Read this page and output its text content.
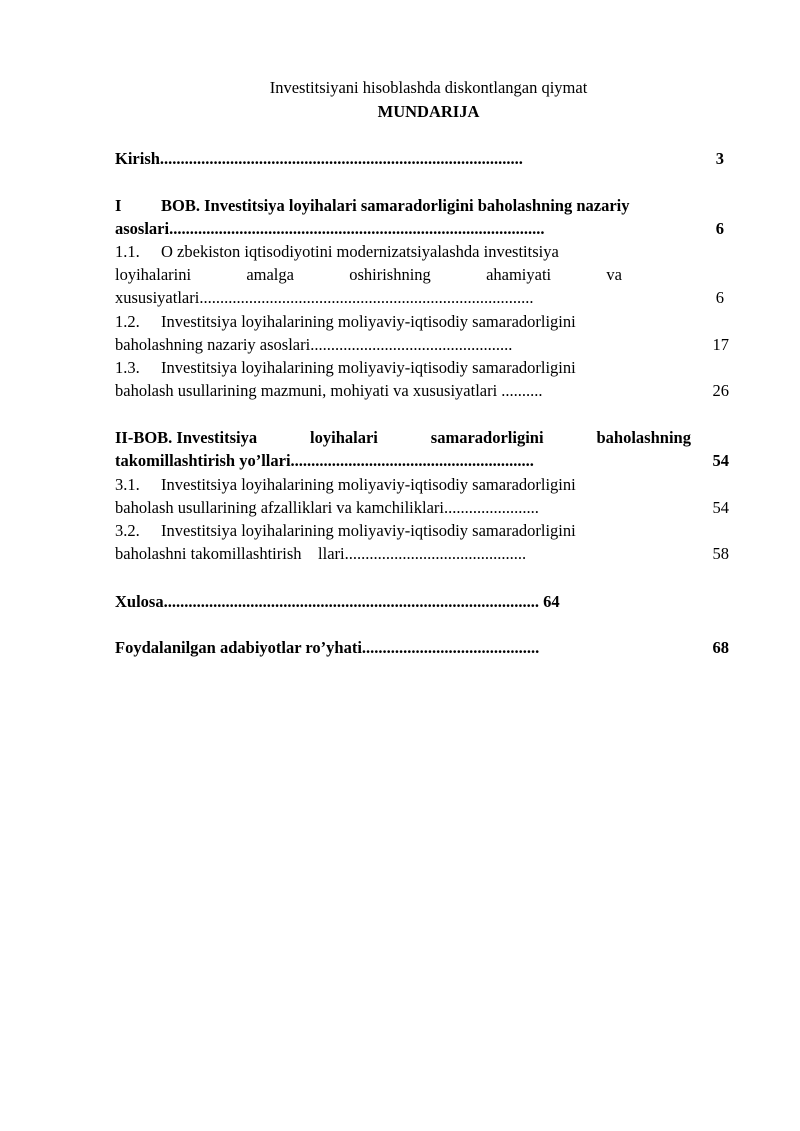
Investitsiyani hisoblashda diskontlangan qiymat
MUNDARIJA
Kirish........................................................................................	3
I BOB. Investitsiya loyihalari samaradorligini baholashning nazariy
asoslari...........................................................................................	6
1.1. O zbekiston iqtisodiyotini modernizatsiyalashda investitsiya
loyihalarini	amalga	oshirishning	ahamiyati	va
xususiyatlari.................................................................................	6
1.2. Investitsiya loyihalarining moliyaviy-iqtisodiy samaradorligini
baholashning nazariy asoslari.................................................	17
1.3. Investitsiya loyihalarining moliyaviy-iqtisodiy samaradorligini
baholash usullarining mazmuni, mohiyati va xususiyatlari ..........	26
II-BOB. Investitsiya	loyihalari	samaradorligini	baholashning
takomillashtirish yo’llari...........................................................	54
3.1. Investitsiya loyihalarining moliyaviy-iqtisodiy samaradorligini
baholash usullarining afzalliklari va kamchiliklari.......................	54
3.2. Investitsiya loyihalarining moliyaviy-iqtisodiy samaradorligini
baholashni takomillashtirish    llari............................................	58
Xulosa........................................................................................... 64
Foydalanilgan adabiyotlar ro’yhati...........................................	68
